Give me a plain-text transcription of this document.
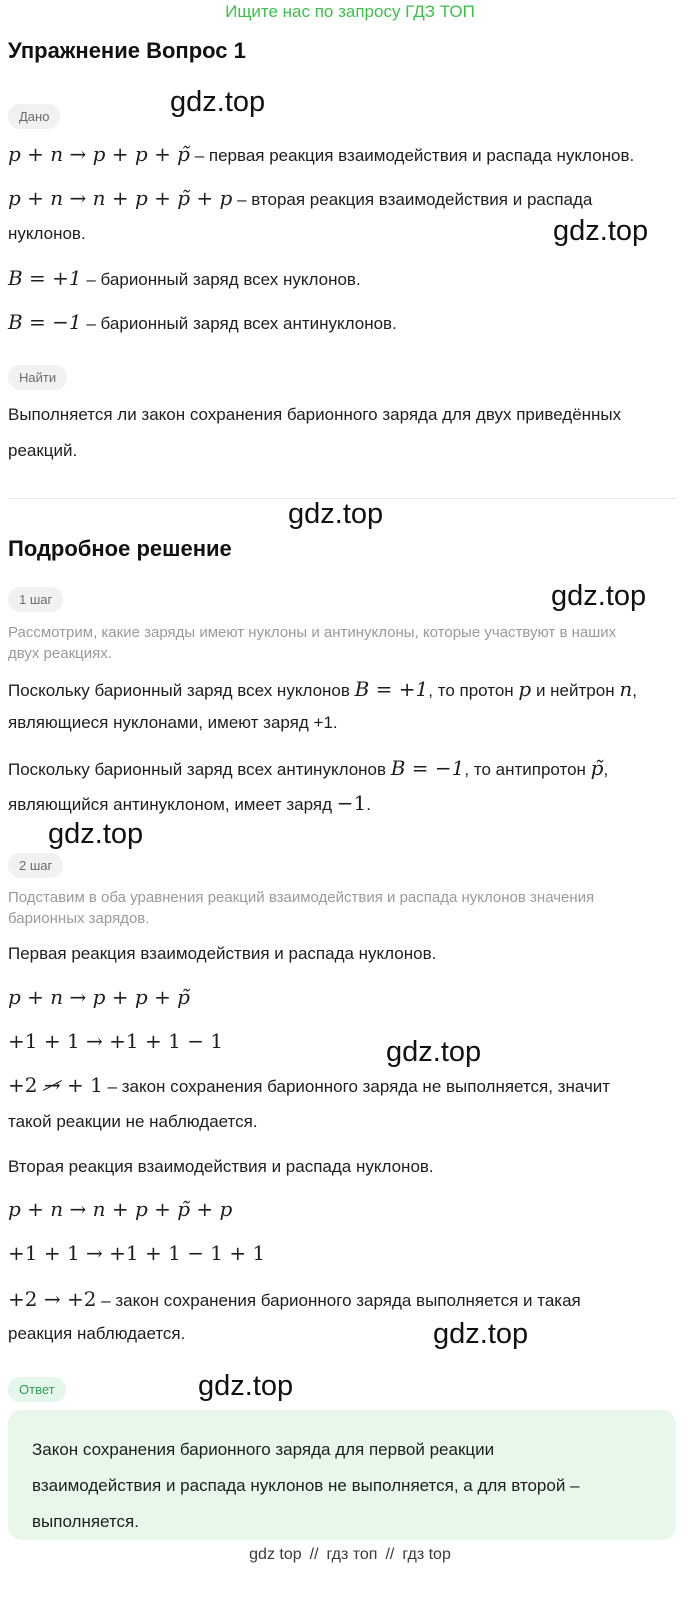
Ищите нас по запросу ГДЗ ТОП
Упражнение Вопрос 1
gdz.top
Дано
p + n → p + p + p̃ – первая реакция взаимодействия и распада нуклонов.
p + n → n + p + p̃ + p – вторая реакция взаимодействия и распада
нуклонов.	gdz.top
B = +1 – барионный заряд всех нуклонов.
B = −1 – барионный заряд всех антинуклонов.
Найти
Выполняется ли закон сохранения барионного заряда для двух приведённых
реакций.
gdz.top
Подробное решение
1 шаг	gdz.top
Рассмотрим, какие заряды имеют нуклоны и антинуклоны, которые участвуют в наших
двух реакциях.
Поскольку барионный заряд всех нуклонов B = +1, то протон p и нейтрон n,
являющиеся нуклонами, имеют заряд +1.
Поскольку барионный заряд всех антинуклонов B = −1, то антипротон p̃,
являющийся антинуклоном, имеет заряд −1.
gdz.top
2 шаг
Подставим в оба уравнения реакций взаимодействия и распада нуклонов значения
барионных зарядов.
Первая реакция взаимодействия и распада нуклонов.
p + n → p + p + p̃
+1 + 1 → +1 + 1 − 1	gdz.top
+2 →
+ 1 – закон сохранения барионного заряда не выполняется, значит
такой реакции не наблюдается.
Вторая реакция взаимодействия и распада нуклонов.
p + n → n + p + p̃ + p
+1 + 1 → +1 + 1 − 1 + 1
+2 → +2 – закон сохранения барионного заряда выполняется и такая
реакция наблюдается.	gdz.top
Ответ	gdz.top
Закон сохранения барионного заряда для первой реакции
взаимодействия и распада нуклонов не выполняется, а для второй –
выполняется.
gdz top // гдз топ // гдз top
